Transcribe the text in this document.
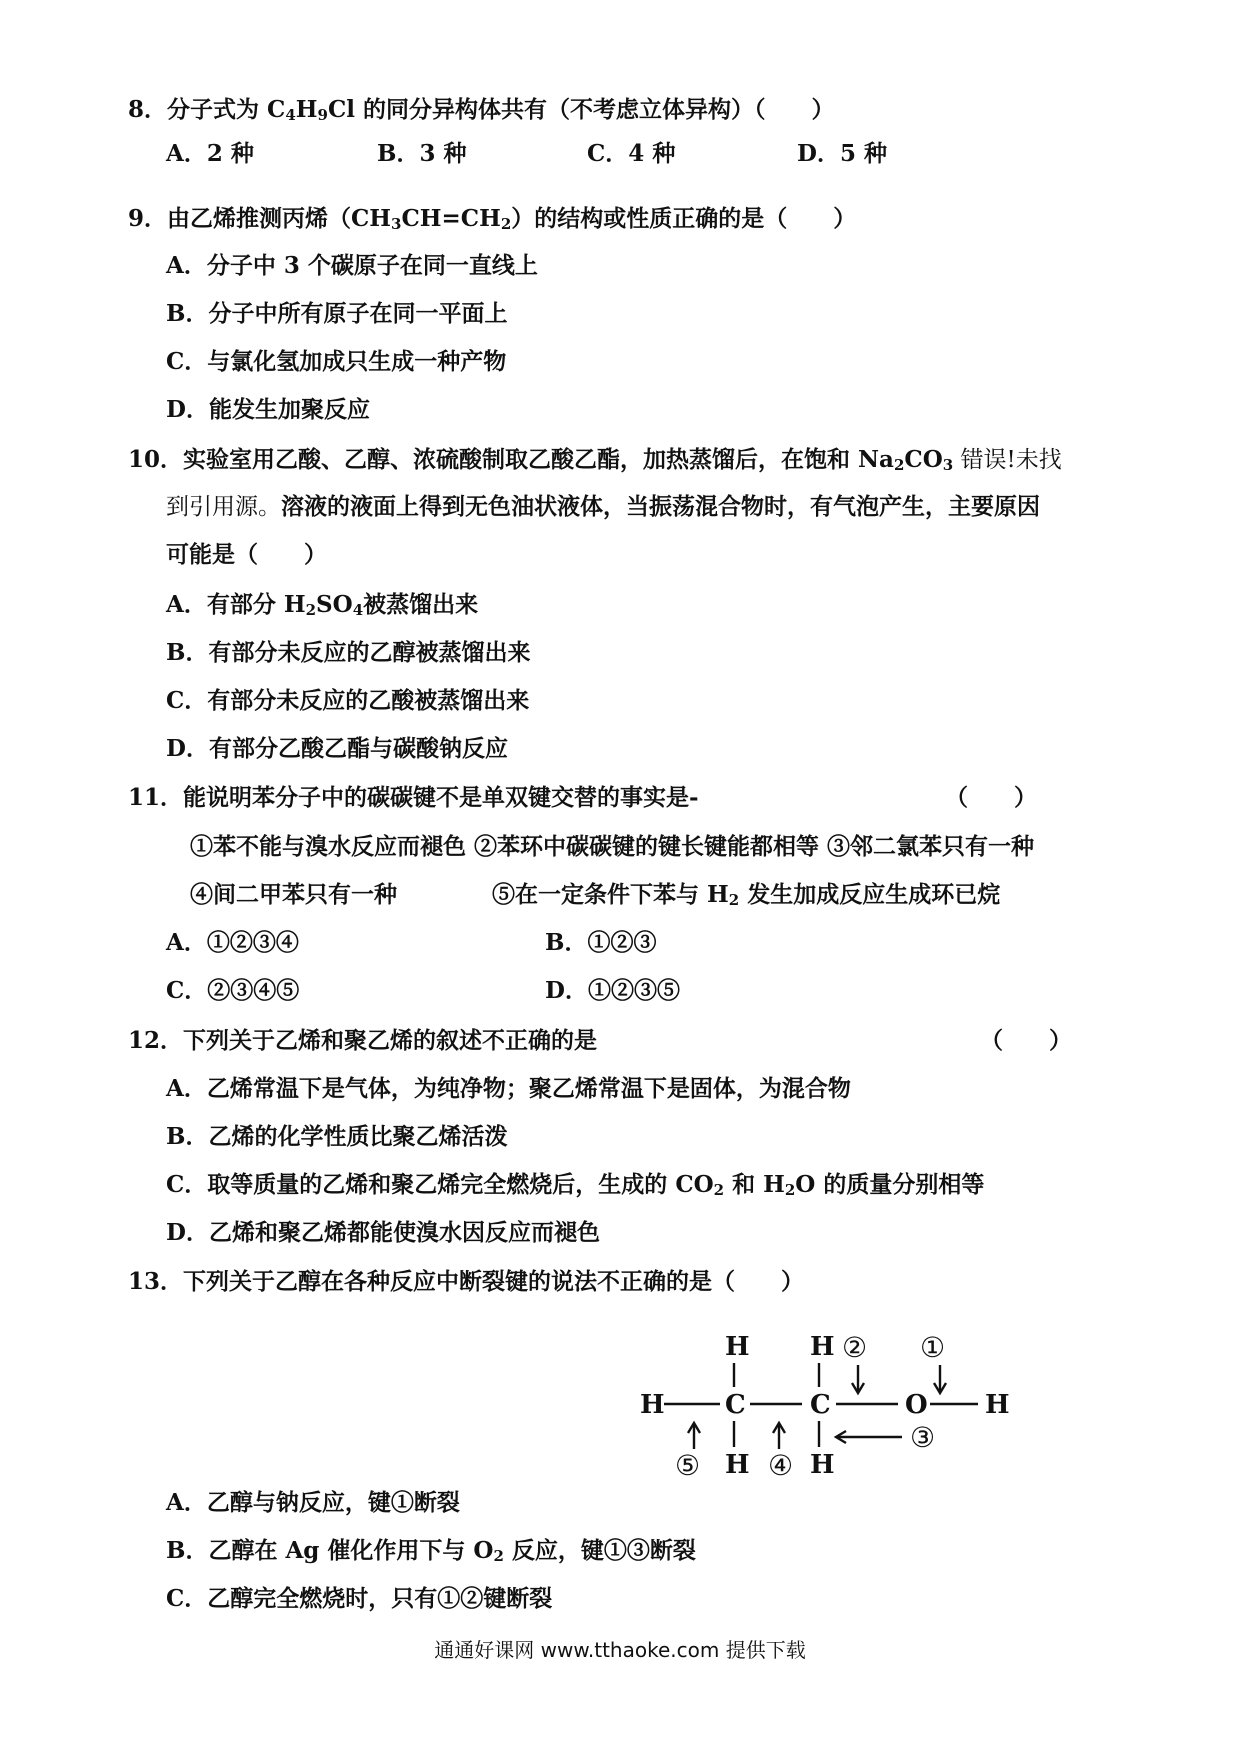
8．分子式为 $C_4H_9Cl$ 的同分异构体共有（不考虑立体异构）（　　）
A．2 种	B．3 种	C．4 种	D．5 种
9．由乙烯推测丙烯$(CH_3CH=CH_2)$的结构或性质正确的是（　　）
A．分子中 3 个碳原子在同一直线上
B．分子中所有原子在同一平面上
C．与氯化氢加成只生成一种产物
D．能发生加聚反应
10．实验室用乙酸、乙醇、浓硫酸制取乙酸乙酯，加热蒸馏后，在饱和 $Na_2CO_3$ 错误!未找
到引用源。溶液的液面上得到无色油状液体，当振荡混合物时，有气泡产生，主要原因
可能是（　　）
A．有部分 $H_2SO_4$被蒸馏出来
B．有部分未反应的乙醇被蒸馏出来
C．有部分未反应的乙酸被蒸馏出来
D．有部分乙酸乙酯与碳酸钠反应
11．能说明苯分子中的碳碳键不是单双键交替的事实是-	（　　）
①苯不能与溴水反应而褪色 ②苯环中碳碳键的键长键能都相等 ③邻二氯苯只有一种
④间二甲苯只有一种	⑤在一定条件下苯与 $H_2$ 发生加成反应生成环已烷
A．①②③④	B．①②③
C．②③④⑤	D．①②③⑤
12．下列关于乙烯和聚乙烯的叙述不正确的是	（　　）
A．乙烯常温下是气体，为纯净物；聚乙烯常温下是固体，为混合物
B．乙烯的化学性质比聚乙烯活泼
C．取等质量的乙烯和聚乙烯完全燃烧后，生成的 $CO_2$ 和 $H_2O$ 的质量分别相等
D．乙烯和聚乙烯都能使溴水因反应而褪色
13．下列关于乙醇在各种反应中断裂键的说法不正确的是（　　）
H H
H C C	O H
H H
①
②
③
④
⑤
A．乙醇与钠反应，键①断裂
B．乙醇在 Ag 催化作用下与 $O_2$ 反应，键①③断裂
C．乙醇完全燃烧时，只有①②键断裂
通通好课网 www.tthaoke.com 提供下载
